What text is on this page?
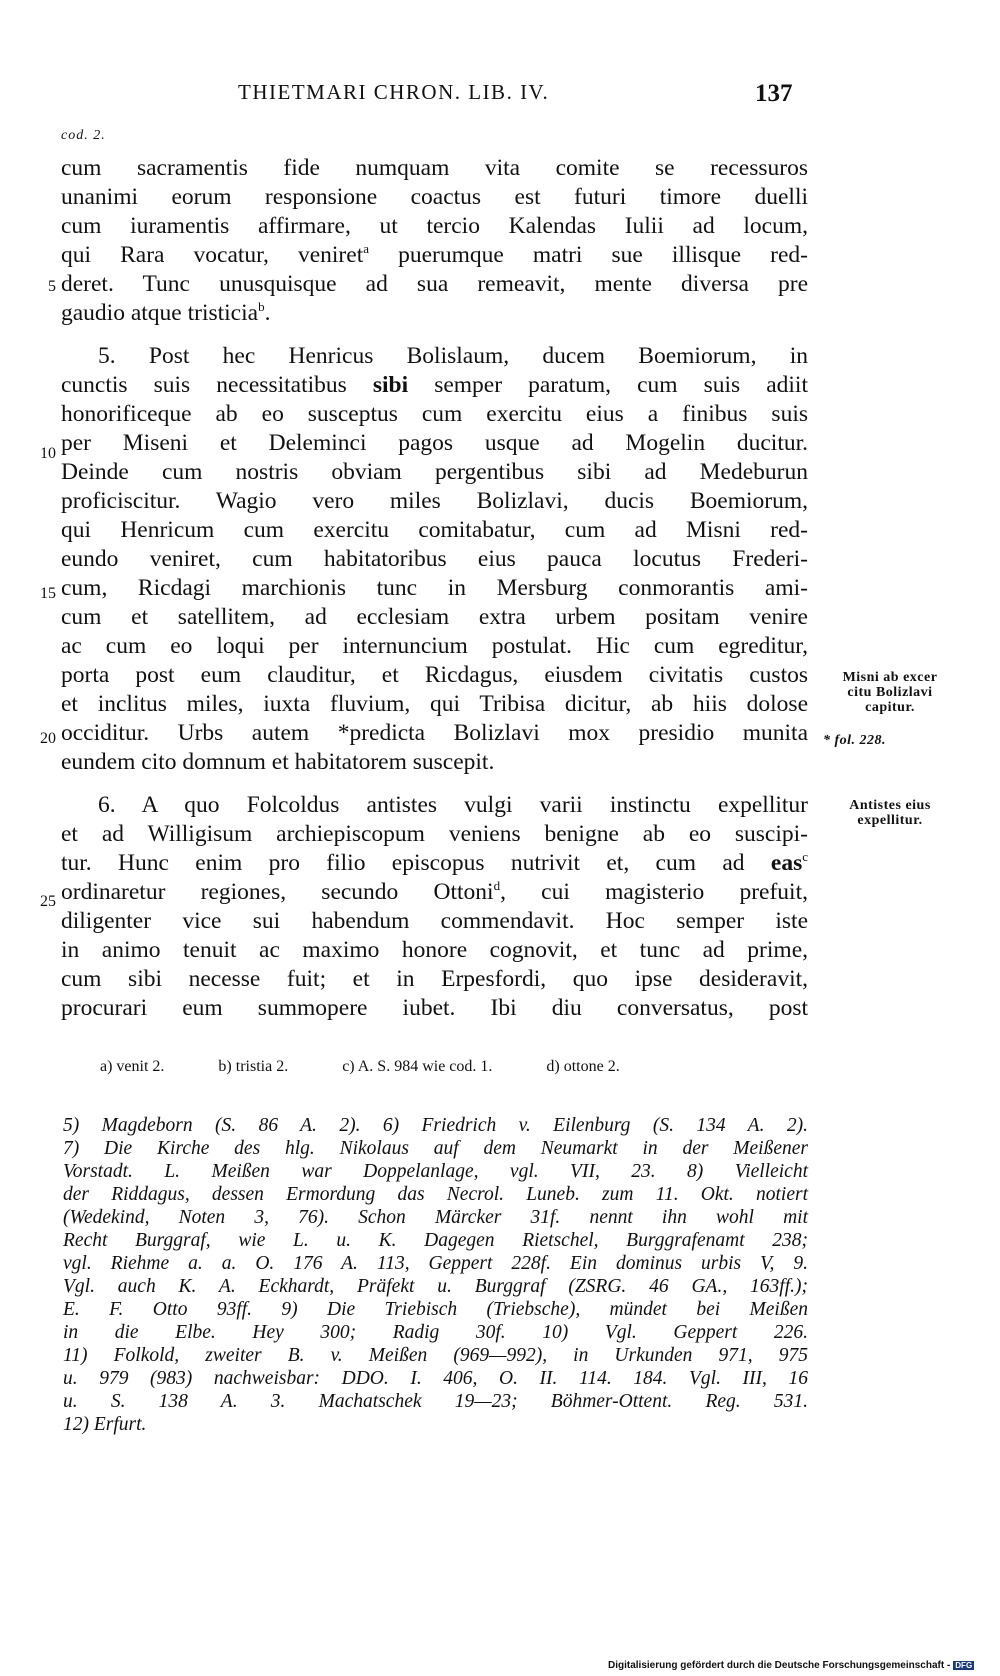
THIETMARI CHRON. LIB. IV.	137
cod. 2.
5
10
15
20
25
cum sacramentis fide numquam vita comite se recessuros
unanimi eorum responsione coactus est futuri timore duelli
cum iuramentis affirmare, ut tercio Kalendas Iulii ad locum,
qui Rara vocatur, veniret$^a$ puerumque matri sue illisque red-
deret. Tunc unusquisque ad sua remeavit, mente diversa pre
gaudio atque tristicia$^b$.
5. Post hec Henricus Bolislaum, ducem Boemiorum, in
cunctis suis necessitatibus sibi semper paratum, cum suis adiit
honorificeque ab eo susceptus cum exercitu eius a finibus suis
per Miseni et Deleminci pagos usque ad Mogelin ducitur.
Deinde cum nostris obviam pergentibus sibi ad Medeburun
proficiscitur. Wagio vero miles Bolizlavi, ducis Boemiorum,
qui Henricum cum exercitu comitabatur, cum ad Misni red-
eundo veniret, cum habitatoribus eius pauca locutus Frederi-
cum, Ricdagi marchionis tunc in Mersburg conmorantis ami-
cum et satellitem, ad ecclesiam extra urbem positam venire
ac cum eo loqui per internuncium postulat. Hic cum egreditur,
porta post eum clauditur, et Ricdagus, eiusdem civitatis custos
et inclitus miles, iuxta fluvium, qui Tribisa dicitur, ab hiis dolose
occiditur. Urbs autem *predicta Bolizlavi mox presidio munita
eundem cito domnum et habitatorem suscepit.
6. A quo Folcoldus antistes vulgi varii instinctu expellitur
et ad Willigisum archiepiscopum veniens benigne ab eo suscipi-
tur. Hunc enim pro filio episcopus nutrivit et, cum ad eas$^c$
ordinaretur regiones, secundo Ottoni$^d$, cui magisterio prefuit,
diligenter vice sui habendum commendavit. Hoc semper iste
in animo tenuit ac maximo honore cognovit, et tunc ad prime,
cum sibi necesse fuit; et in Erpesfordi, quo ipse desideravit,
procurari eum summopere iubet. Ibi diu conversatus, post
Misni ab excer
citu Bolizlavi
capitur.
* fol. 228.
Antistes eius
expellitur.
a) venit 2.	b) tristia 2.	c) A. S. 984 wie cod. 1.	d) ottone 2.
5) Magdeborn (S. 86 A. 2). 6) Friedrich v. Eilenburg (S. 134 A. 2).
7) Die Kirche des hlg. Nikolaus auf dem Neumarkt in der Meißener
Vorstadt. L. Meißen war Doppelanlage, vgl. VII, 23. 8) Vielleicht
der Riddagus, dessen Ermordung das Necrol. Luneb. zum 11. Okt. notiert
(Wedekind, Noten 3, 76). Schon Märcker 31f. nennt ihn wohl mit
Recht Burggraf, wie L. u. K. Dagegen Rietschel, Burggrafenamt 238;
vgl. Riehme a. a. O. 176 A. 113, Geppert 228f. Ein dominus urbis V, 9.
Vgl. auch K. A. Eckhardt, Präfekt u. Burggraf (ZSRG. 46 GA., 163ff.);
E. F. Otto 93ff. 9) Die Triebisch (Triebsche), mündet bei Meißen
in die Elbe. Hey 300; Radig 30f. 10) Vgl. Geppert 226.
11) Folkold, zweiter B. v. Meißen (969—992), in Urkunden 971, 975
u. 979 (983) nachweisbar: DDO. I. 406, O. II. 114. 184. Vgl. III, 16
u. S. 138 A. 3. Machatschek 19—23; Böhmer-Ottent. Reg. 531.
12) Erfurt.
Digitalisierung gefördert durch die Deutsche Forschungsgemeinschaft - DFG
